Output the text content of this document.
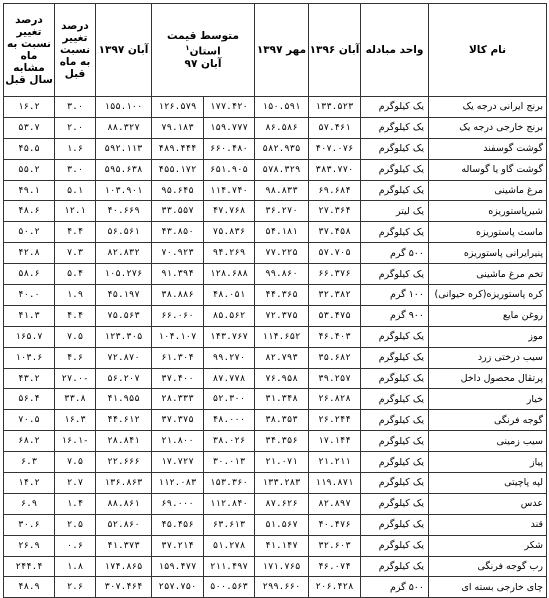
نام کالا	واحد مبادله	آبان ۱۳۹۶	مهر ۱۳۹۷	متوسط قیمت استان$^۱$
آبان ۹۷		آبان ۱۳۹۷	درصد تغییر نسبت به ماه قبل	درصد تغییر نسبت به ماه مشابه سال قبل
برنج ایرانی درجه یک	یک کیلوگرم	۱۳۳.۵۲۳	۱۵۰.۵۹۱	۱۷۷.۴۲۰	۱۲۶.۵۷۹	۱۵۵.۱۰۰	۳.۰	۱۶.۲
برنج خارجی درجه یک	یک کیلوگرم	۵۷.۴۶۱	۸۶.۵۸۶	۱۵۹.۷۷۷	۷۹.۱۸۳	۸۸.۳۲۷	۲.۰	۵۳.۷
گوشت گوسفند	یک کیلوگرم	۴۰۷.۰۷۶	۵۸۲.۹۳۵	۶۶۰.۴۸۰	۴۸۹.۴۴۴	۵۹۲.۱۱۳	۱.۶	۴۵.۵
گوشت گاو یا گوساله	یک کیلوگرم	۳۸۳.۷۷۰	۵۷۸.۳۲۹	۶۵۱.۹۰۵	۴۵۵.۱۷۲	۵۹۵.۶۳۸	۳.۰	۵۵.۲
مرغ ماشینی	یک کیلوگرم	۶۹.۶۸۴	۹۸.۸۳۳	۱۱۴.۷۴۰	۹۵.۶۴۵	۱۰۳.۹۰۱	۵.۱	۴۹.۱
شیرپاستوریزه	یک لیتر	۲۷.۳۶۴	۳۶.۲۷۰	۴۷.۷۶۸	۳۳.۵۵۷	۴۰.۶۶۹	۱۲.۱	۴۸.۶
ماست پاستوریزه	یک کیلوگرم	۳۷.۴۵۸	۵۴.۱۸۱	۷۵.۸۳۶	۴۳.۸۵۰	۵۶.۵۶۱	۴.۴	۵۰.۲
پنیرایرانی پاستوریزه	۵۰۰ گرم	۵۷.۷۰۵	۷۷.۲۲۵	۹۴.۲۶۹	۷۰.۹۲۳	۸۲.۸۳۲	۷.۳	۴۲.۸
تخم مرغ ماشینی	یک کیلوگرم	۶۶.۳۷۶	۹۹.۸۶۰	۱۲۸.۶۸۸	۹۱.۳۹۴	۱۰۵.۲۷۶	۵.۴	۵۸.۶
کره پاستوریزه(کره حیوانی)	۱۰۰ گرم	۳۲.۳۸۲	۴۴.۳۶۵	۴۸.۰۵۱	۳۸.۸۸۶	۴۵.۱۹۷	۱.۹	۴۰.۰
روغن مایع	۹۰۰ گرم	۵۳.۴۷۵	۷۲.۳۷۵	۸۵.۵۶۲	۶۶.۰۶۰	۷۵.۵۶۳	۴.۴	۴۱.۳
موز	یک کیلوگرم	۴۶.۴۰۳	۱۱۴.۶۵۲	۱۴۳.۷۶۷	۱۰۴.۱۰۷	۱۲۳.۳۰۵	۷.۵	۱۶۵.۷
سیب درختی زرد	یک کیلوگرم	۳۵.۶۸۲	۸۲.۷۹۳	۹۹.۲۷۰	۶۱.۳۰۴	۷۲.۸۷۰	۴.۶	۱۰۳.۶
پرتقال محصول داخل	یک کیلوگرم	۳۹.۲۵۷	۷۶.۹۵۸	۸۷.۷۷۸	۳۷.۴۰۰	۵۶.۲۰۷	-۲۷.۰	۴۳.۲
خیار	یک کیلوگرم	۲۶.۸۲۸	۳۱.۳۴۸	۵۲.۳۰۰	۲۸.۳۳۳	۴۱.۹۵۵	۳۳.۸	۵۶.۴
گوجه فرنگی	یک کیلوگرم	۲۶.۲۴۴	۳۸.۳۵۳	۴۸.۰۰۰	۳۷.۳۷۵	۴۴.۶۱۲	۱۶.۳	۷۰.۵
سیب زمینی	یک کیلوگرم	۱۷.۱۴۴	۳۴.۳۵۶	۳۸.۰۲۶	۲۱.۸۰۰	۲۸.۸۴۱	-۱۶.۱	۶۸.۲
پیاز	یک کیلوگرم	۲۱.۲۱۱	۲۱.۰۷۱	۳۰.۰۱۳	۱۷.۷۲۷	۲۲.۶۶۶	۷.۵	۶.۳
لپه پاچیتی	یک کیلوگرم	۱۱۹.۸۷۱	۱۳۳.۲۸۳	۱۵۳.۳۶۰	۱۱۲.۰۸۳	۱۳۶.۸۶۳	۲.۷	۱۴.۲
عدس	یک کیلوگرم	۸۲.۸۹۷	۸۷.۶۲۶	۱۱۲.۸۴۰	۶۹.۰۰۰	۸۸.۸۶۱	۱.۴	۶.۹
قند	یک کیلوگرم	۴۰.۴۷۶	۵۱.۵۶۷	۶۳.۶۱۳	۴۵.۴۵۶	۵۲.۸۶۰	۲.۵	۳۰.۶
شکر	یک کیلوگرم	۳۲.۶۰۳	۴۱.۱۴۷	۵۱.۲۷۸	۳۷.۲۱۴	۴۱.۳۷۳	۰.۶	۲۶.۹
رب گوجه فرنگی	یک کیلوگرم	۴۶.۰۷۴	۱۷۱.۷۶۵	۲۱۱.۴۹۷	۱۵۹.۴۷۷	۱۷۴.۸۶۵	۱.۸	۲۴۴.۴
چای خارجی بسته ای	۵۰۰ گرم	۲۰۶.۴۲۸	۲۹۹.۶۶۰	۵۰۰.۵۶۳	۲۵۷.۷۵۰	۳۰۷.۴۶۴	۲.۶	۴۸.۹
